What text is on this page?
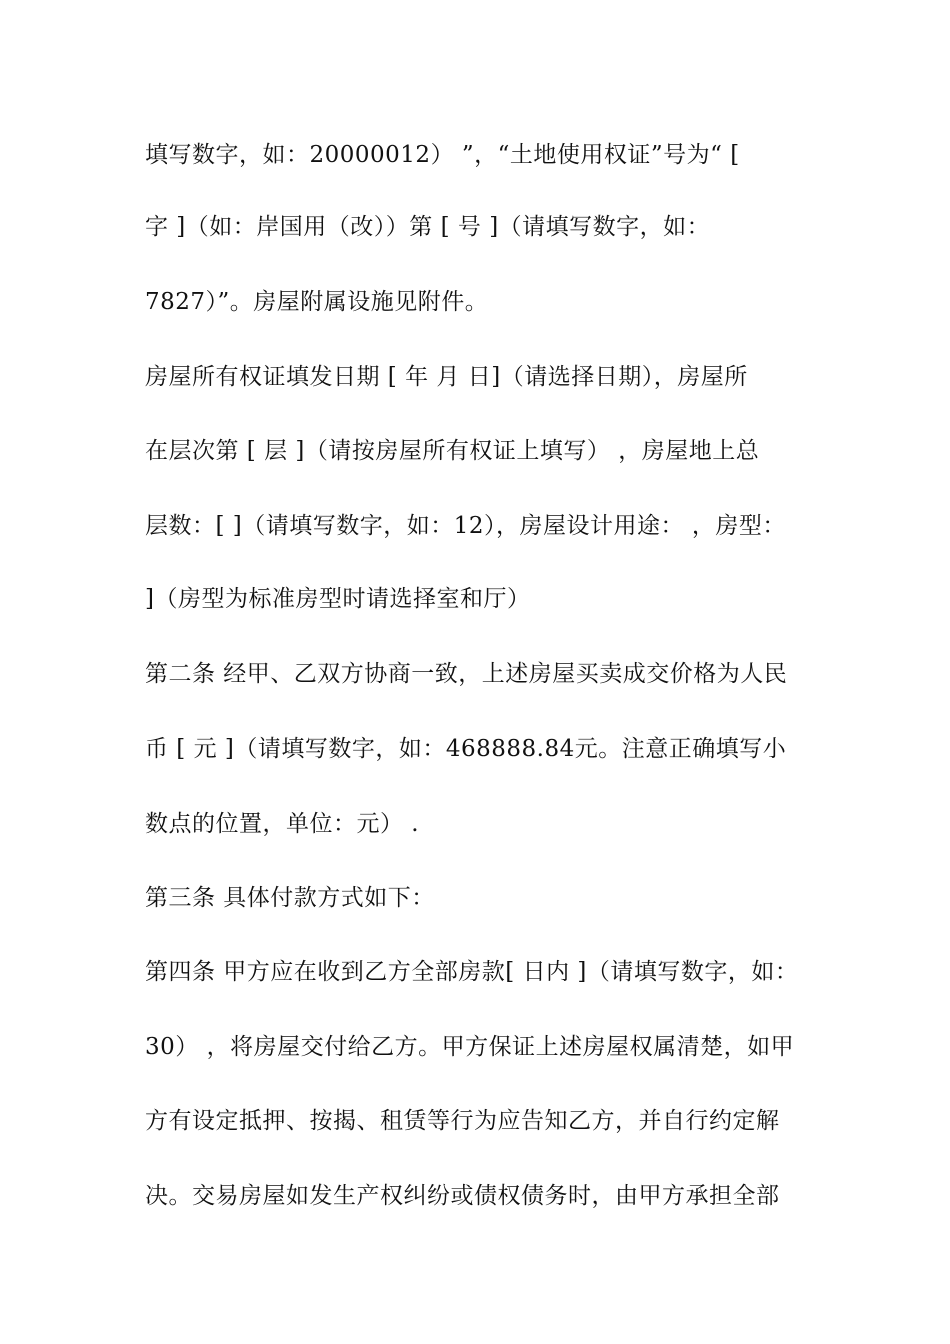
填写数字，如：20000012） ”，“土地使用权证”号为“ [
字 ]（如：岸国用（改））第 [ 号 ]（请填写数字，如：
7827）”。房屋附属设施见附件。
房屋所有权证填发日期 [ 年 月 日]（请选择日期），房屋所
在层次第 [ 层 ]（请按房屋所有权证上填写） ，房屋地上总
层数：[ ]（请填写数字，如：12），房屋设计用途： ，房型：
]（房型为标准房型时请选择室和厅）
第二条 经甲、乙双方协商一致，上述房屋买卖成交价格为人民
币 [ 元 ]（请填写数字，如：468888.84元。注意正确填写小
数点的位置，单位：元） .
第三条 具体付款方式如下：
第四条 甲方应在收到乙方全部房款[ 日内 ]（请填写数字，如：
30） ，将房屋交付给乙方。甲方保证上述房屋权属清楚，如甲
方有设定抵押、按揭、租赁等行为应告知乙方，并自行约定解
决。交易房屋如发生产权纠纷或债权债务时，由甲方承担全部
